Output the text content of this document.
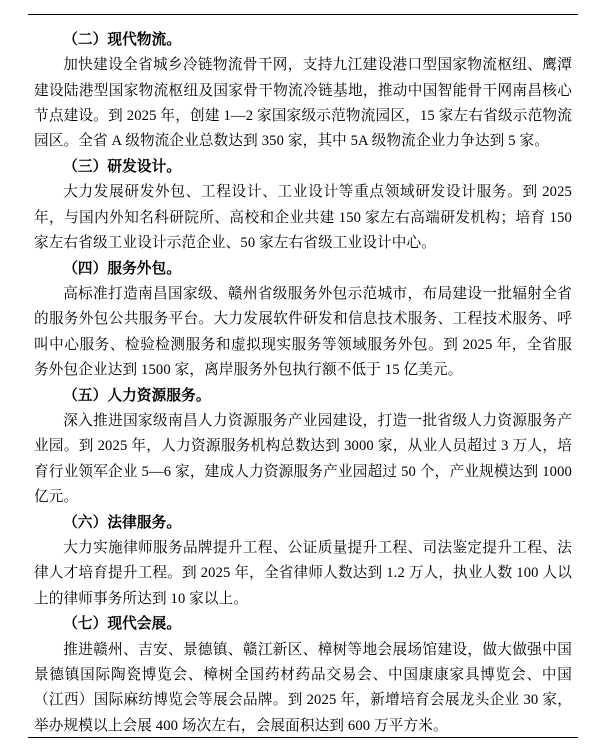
（二）现代物流。

加快建设全省城乡冷链物流骨干网，支持九江建设港口型国家物流枢纽、鹰潭建设陆港型国家物流枢纽及国家骨干物流冷链基地，推动中国智能骨干网南昌核心节点建设。到 2025 年，创建 1—2 家国家级示范物流园区，15 家左右省级示范物流园区。全省 A 级物流企业总数达到 350 家，其中 5A 级物流企业力争达到 5 家。

（三）研发设计。

大力发展研发外包、工程设计、工业设计等重点领域研发设计服务。到 2025 年，与国内外知名科研院所、高校和企业共建 150 家左右高端研发机构；培育 150 家左右省级工业设计示范企业、50 家左右省级工业设计中心。

（四）服务外包。

高标准打造南昌国家级、赣州省级服务外包示范城市，布局建设一批辐射全省的服务外包公共服务平台。大力发展软件研发和信息技术服务、工程技术服务、呼叫中心服务、检验检测服务和虚拟现实服务等领域服务外包。到 2025 年，全省服务外包企业达到 1500 家，离岸服务外包执行额不低于 15 亿美元。

（五）人力资源服务。

深入推进国家级南昌人力资源服务产业园建设，打造一批省级人力资源服务产业园。到 2025 年，人力资源服务机构总数达到 3000 家，从业人员超过 3 万人，培育行业领军企业 5—6 家，建成人力资源服务产业园超过 50 个，产业规模达到 1000 亿元。

（六）法律服务。

大力实施律师服务品牌提升工程、公证质量提升工程、司法鉴定提升工程、法律人才培育提升工程。到 2025 年，全省律师人数达到 1.2 万人，执业人数 100 人以上的律师事务所达到 10 家以上。

（七）现代会展。

推进赣州、吉安、景德镇、赣江新区、樟树等地会展场馆建设，做大做强中国景德镇国际陶瓷博览会、樟树全国药材药品交易会、中国康康家具博览会、中国（江西）国际麻纺博览会等展会品牌。到 2025 年，新增培育会展龙头企业 30 家，举办规模以上会展 400 场次左右，会展面积达到 600 万平方米。
